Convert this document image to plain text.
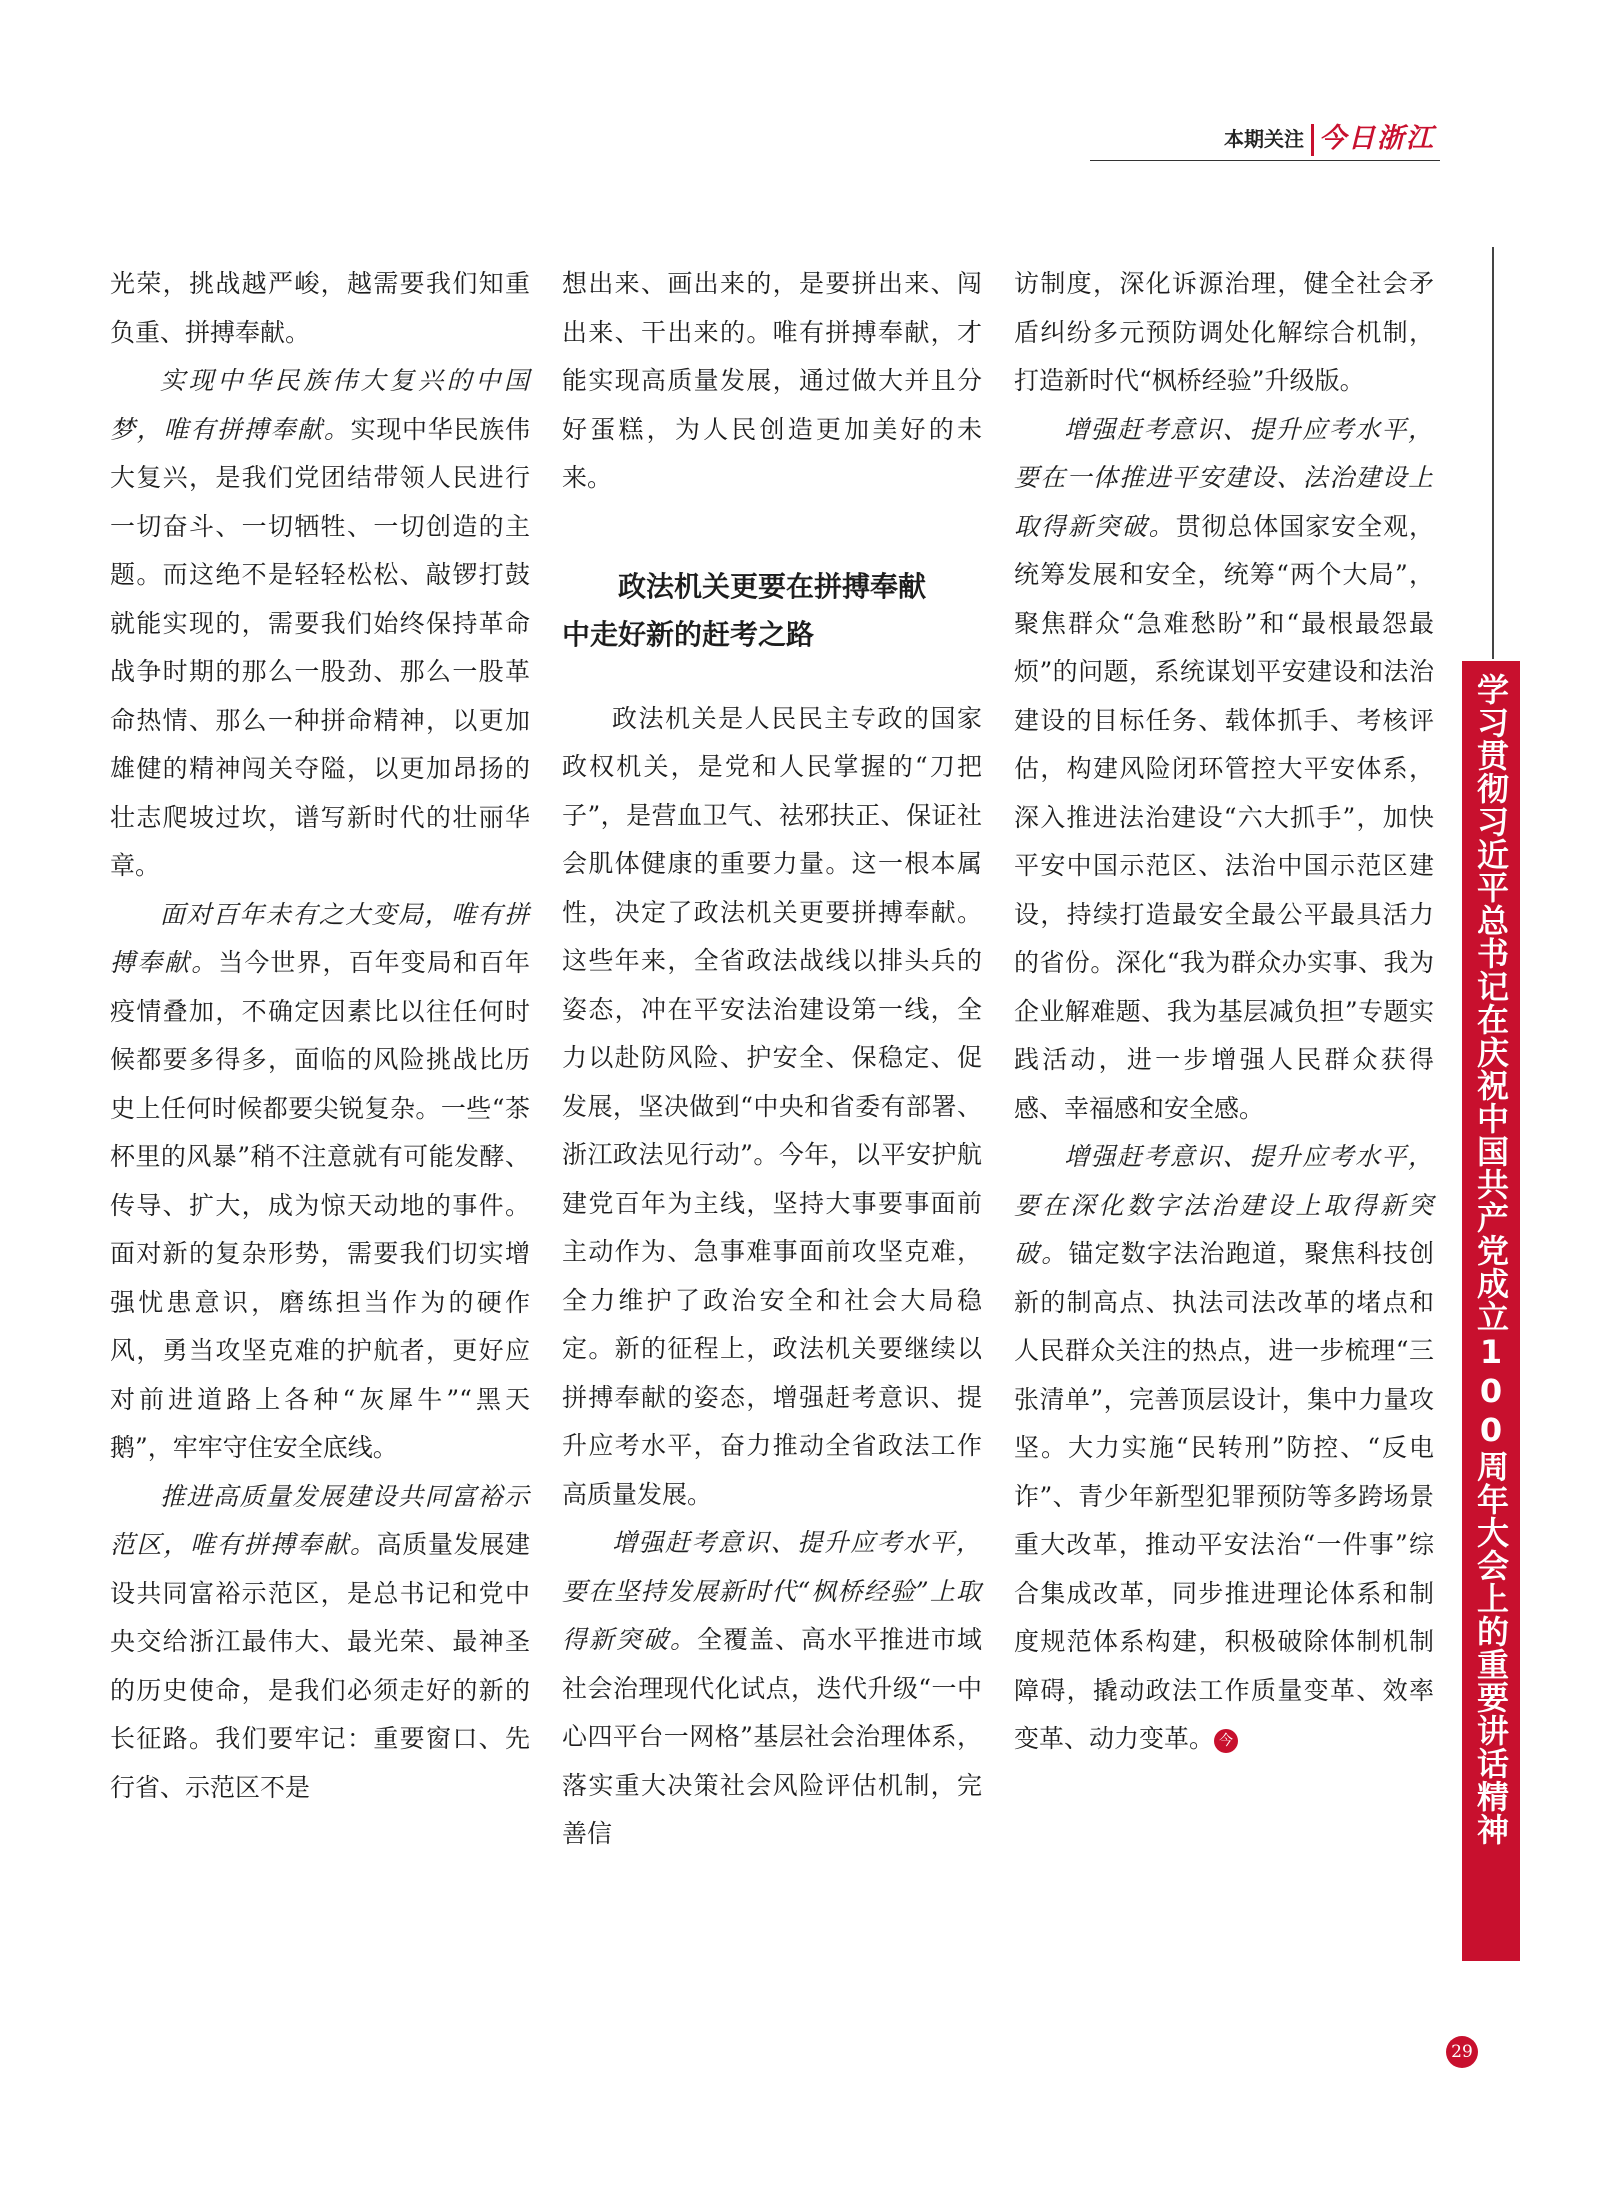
本期关注 今日浙江

光荣，挑战越严峻，越需要我们知重负重、拼搏奉献。

实现中华民族伟大复兴的中国梦，唯有拼搏奉献。实现中华民族伟大复兴，是我们党团结带领人民进行一切奋斗、一切牺牲、一切创造的主题。而这绝不是轻轻松松、敲锣打鼓就能实现的，需要我们始终保持革命战争时期的那么一股劲、那么一股革命热情、那么一种拼命精神，以更加雄健的精神闯关夺隘，以更加昂扬的壮志爬坡过坎，谱写新时代的壮丽华章。

面对百年未有之大变局，唯有拼搏奉献。当今世界，百年变局和百年疫情叠加，不确定因素比以往任何时候都要多得多，面临的风险挑战比历史上任何时候都要尖锐复杂。一些“茶杯里的风暴”稍不注意就有可能发酵、传导、扩大，成为惊天动地的事件。面对新的复杂形势，需要我们切实增强忧患意识，磨练担当作为的硬作风，勇当攻坚克难的护航者，更好应对前进道路上各种“灰犀牛”“黑天鹅”，牢牢守住安全底线。

推进高质量发展建设共同富裕示范区，唯有拼搏奉献。高质量发展建设共同富裕示范区，是总书记和党中央交给浙江最伟大、最光荣、最神圣的历史使命，是我们必须走好的新的长征路。我们要牢记：重要窗口、先行省、示范区不是

想出来、画出来的，是要拼出来、闯出来、干出来的。唯有拼搏奉献，才能实现高质量发展，通过做大并且分好蛋糕，为人民创造更加美好的未来。

政法机关更要在拼搏奉献

中走好新的赶考之路

政法机关是人民民主专政的国家政权机关，是党和人民掌握的“刀把子”，是营血卫气、祛邪扶正、保证社会肌体健康的重要力量。这一根本属性，决定了政法机关更要拼搏奉献。这些年来，全省政法战线以排头兵的姿态，冲在平安法治建设第一线，全力以赴防风险、护安全、保稳定、促发展，坚决做到“中央和省委有部署、浙江政法见行动”。今年，以平安护航建党百年为主线，坚持大事要事面前主动作为、急事难事面前攻坚克难，全力维护了政治安全和社会大局稳定。新的征程上，政法机关要继续以拼搏奉献的姿态，增强赶考意识、提升应考水平，奋力推动全省政法工作高质量发展。

增强赶考意识、提升应考水平，要在坚持发展新时代“枫桥经验”上取得新突破。全覆盖、高水平推进市域社会治理现代化试点，迭代升级“一中心四平台一网格”基层社会治理体系，落实重大决策社会风险评估机制，完善信

访制度，深化诉源治理，健全社会矛盾纠纷多元预防调处化解综合机制，打造新时代“枫桥经验”升级版。

增强赶考意识、提升应考水平，要在一体推进平安建设、法治建设上取得新突破。贯彻总体国家安全观，统筹发展和安全，统筹“两个大局”，聚焦群众“急难愁盼”和“最根最怨最烦”的问题，系统谋划平安建设和法治建设的目标任务、载体抓手、考核评估，构建风险闭环管控大平安体系，深入推进法治建设“六大抓手”，加快平安中国示范区、法治中国示范区建设，持续打造最安全最公平最具活力的省份。深化“我为群众办实事、我为企业解难题、我为基层减负担”专题实践活动，进一步增强人民群众获得感、幸福感和安全感。

增强赶考意识、提升应考水平，要在深化数字法治建设上取得新突破。锚定数字法治跑道，聚焦科技创新的制高点、执法司法改革的堵点和人民群众关注的热点，进一步梳理“三张清单”，完善顶层设计，集中力量攻坚。大力实施“民转刑”防控、“反电诈”、青少年新型犯罪预防等多跨场景重大改革，推动平安法治“一件事”综合集成改革，同步推进理论体系和制度规范体系构建，积极破除体制机制障碍，撬动政法工作质量变革、效率变革、动力变革。 今	学习贯彻习近平总书记在庆祝中国共产党成立100周年大会上的重要讲话精神
29
